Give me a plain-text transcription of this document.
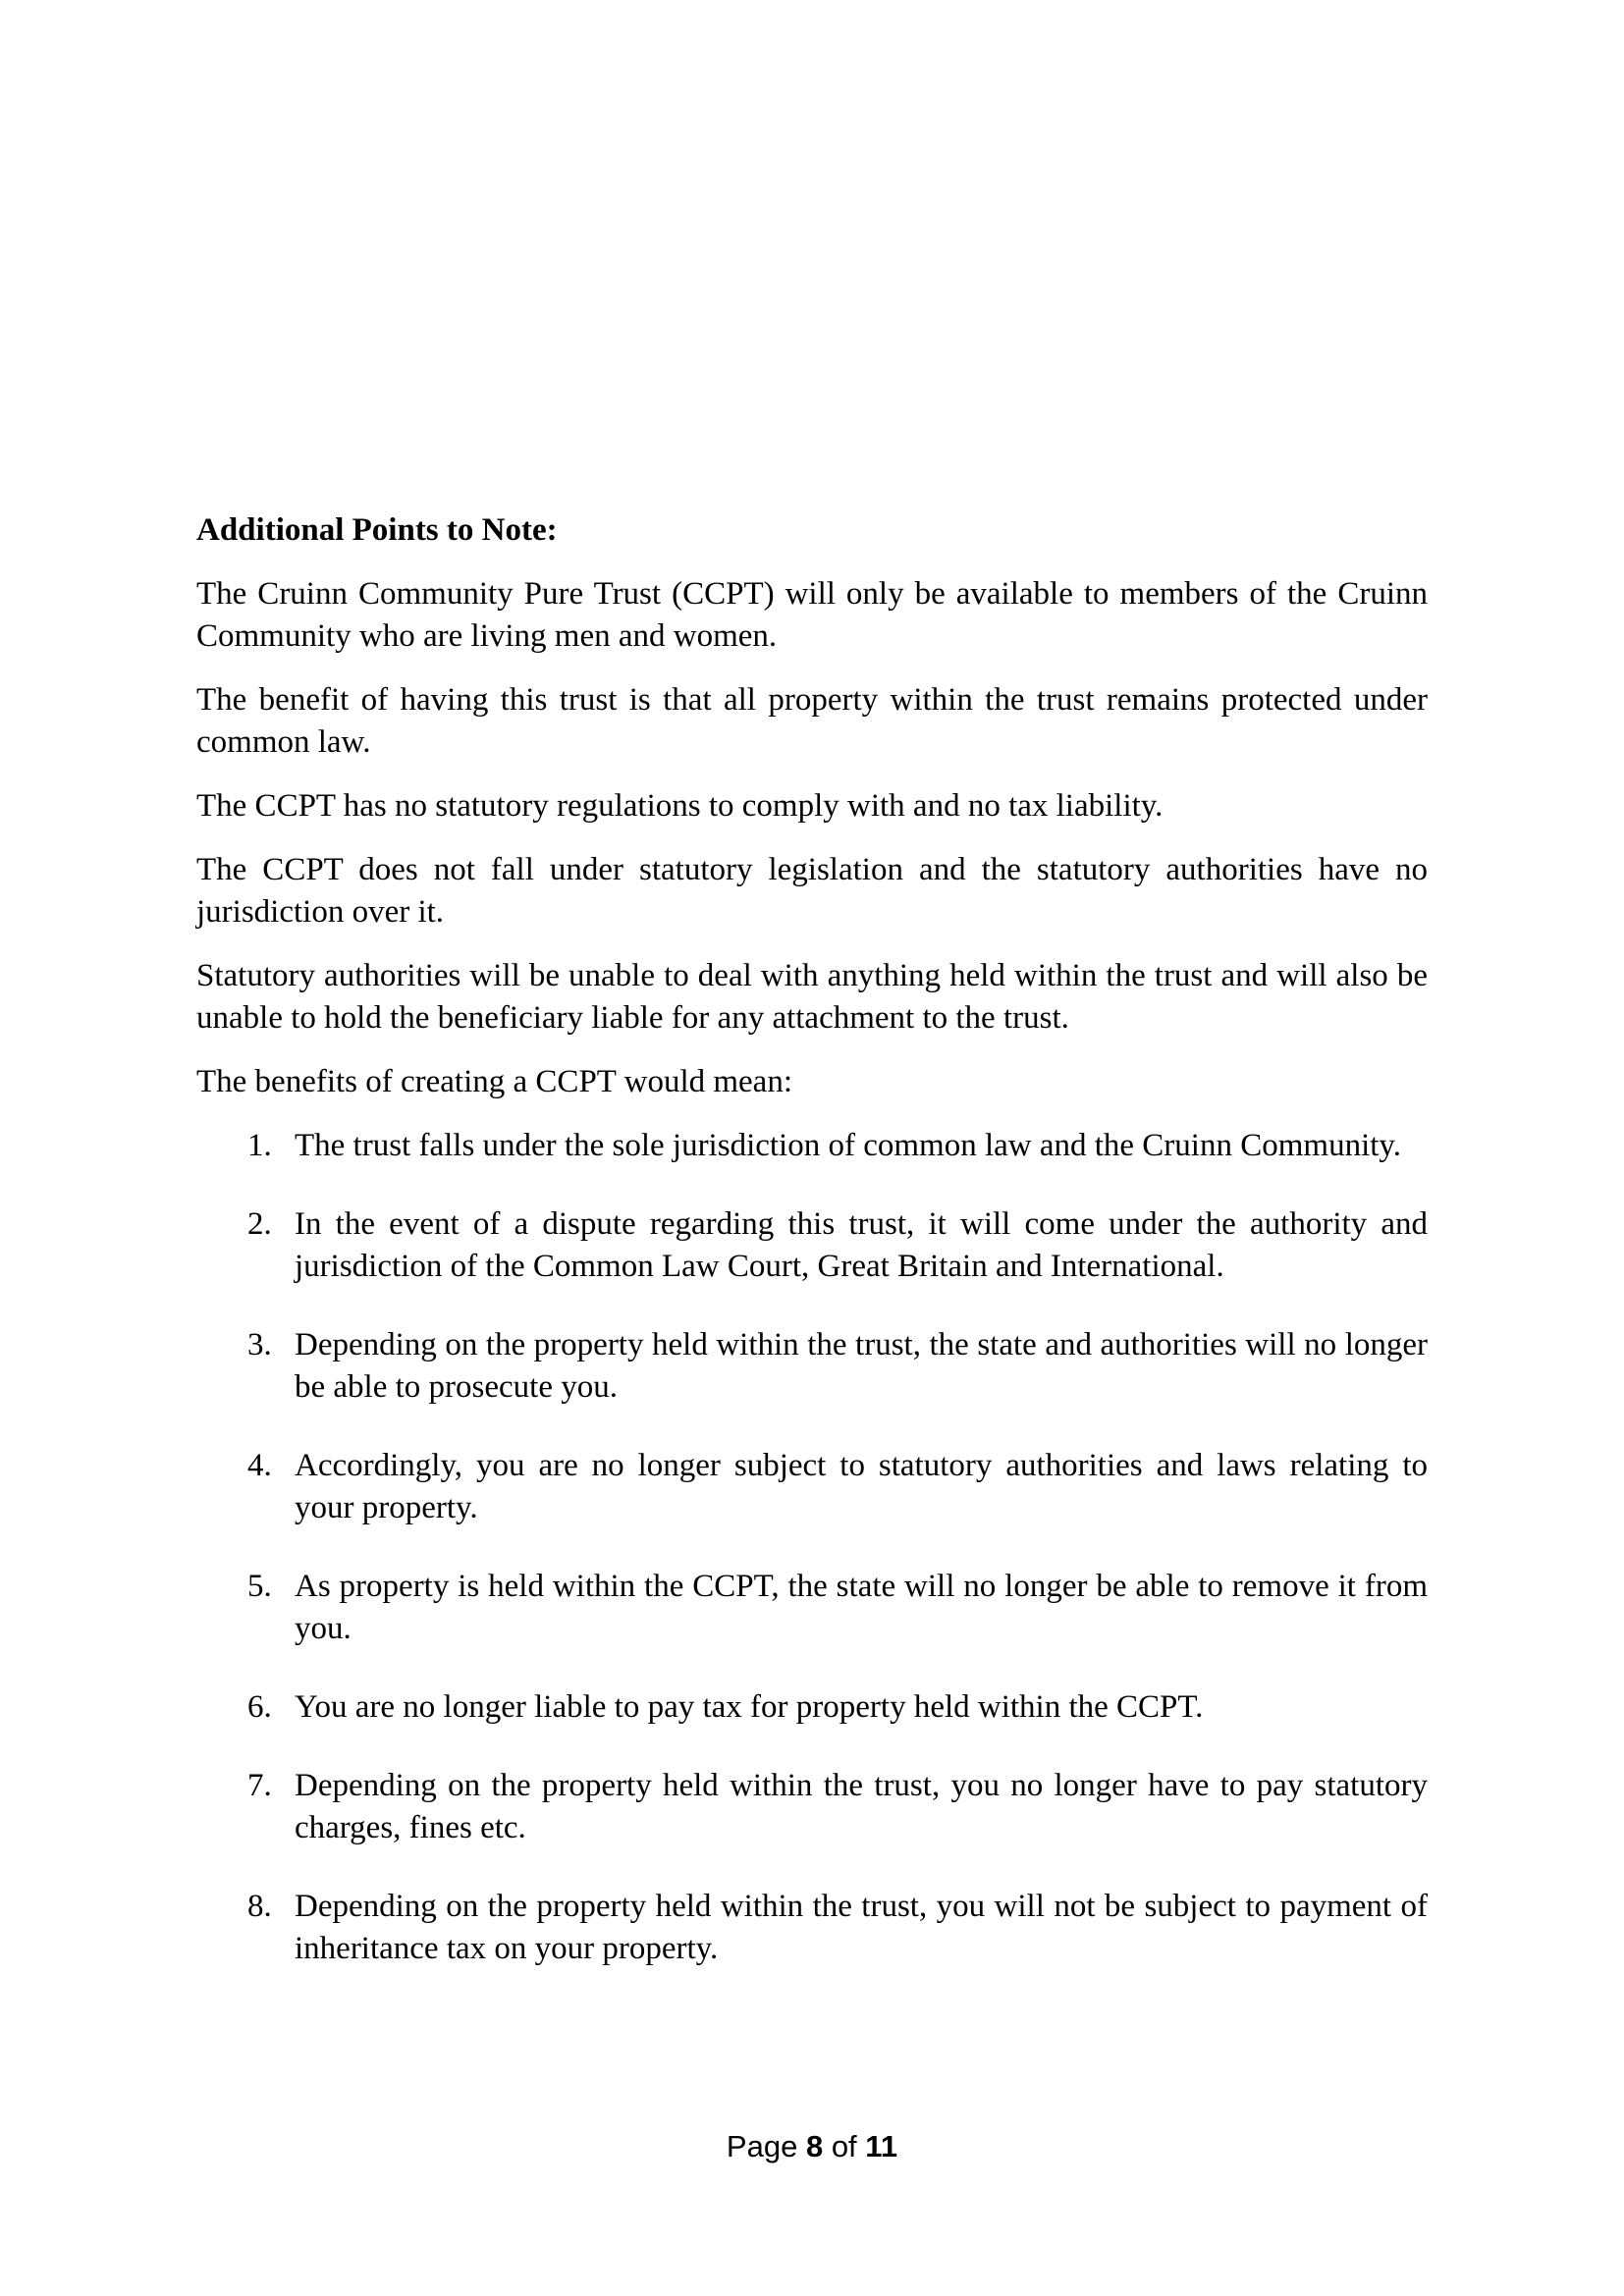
Additional Points to Note:

The Cruinn Community Pure Trust (CCPT) will only be available to members of the Cruinn Community who are living men and women.

The benefit of having this trust is that all property within the trust remains protected under common law.

The CCPT has no statutory regulations to comply with and no tax liability.

The CCPT does not fall under statutory legislation and the statutory authorities have no jurisdiction over it.

Statutory authorities will be unable to deal with anything held within the trust and will also be unable to hold the beneficiary liable for any attachment to the trust.

The benefits of creating a CCPT would mean:

1. The trust falls under the sole jurisdiction of common law and the Cruinn Community.
2. In the event of a dispute regarding this trust, it will come under the authority and jurisdiction of the Common Law Court, Great Britain and International.
3. Depending on the property held within the trust, the state and authorities will no longer be able to prosecute you.
4. Accordingly, you are no longer subject to statutory authorities and laws relating to your property.
5. As property is held within the CCPT, the state will no longer be able to remove it from you.
6. You are no longer liable to pay tax for property held within the CCPT.
7. Depending on the property held within the trust, you no longer have to pay statutory charges, fines etc.
8. Depending on the property held within the trust, you will not be subject to payment of inheritance tax on your property.
Page 8 of 11
